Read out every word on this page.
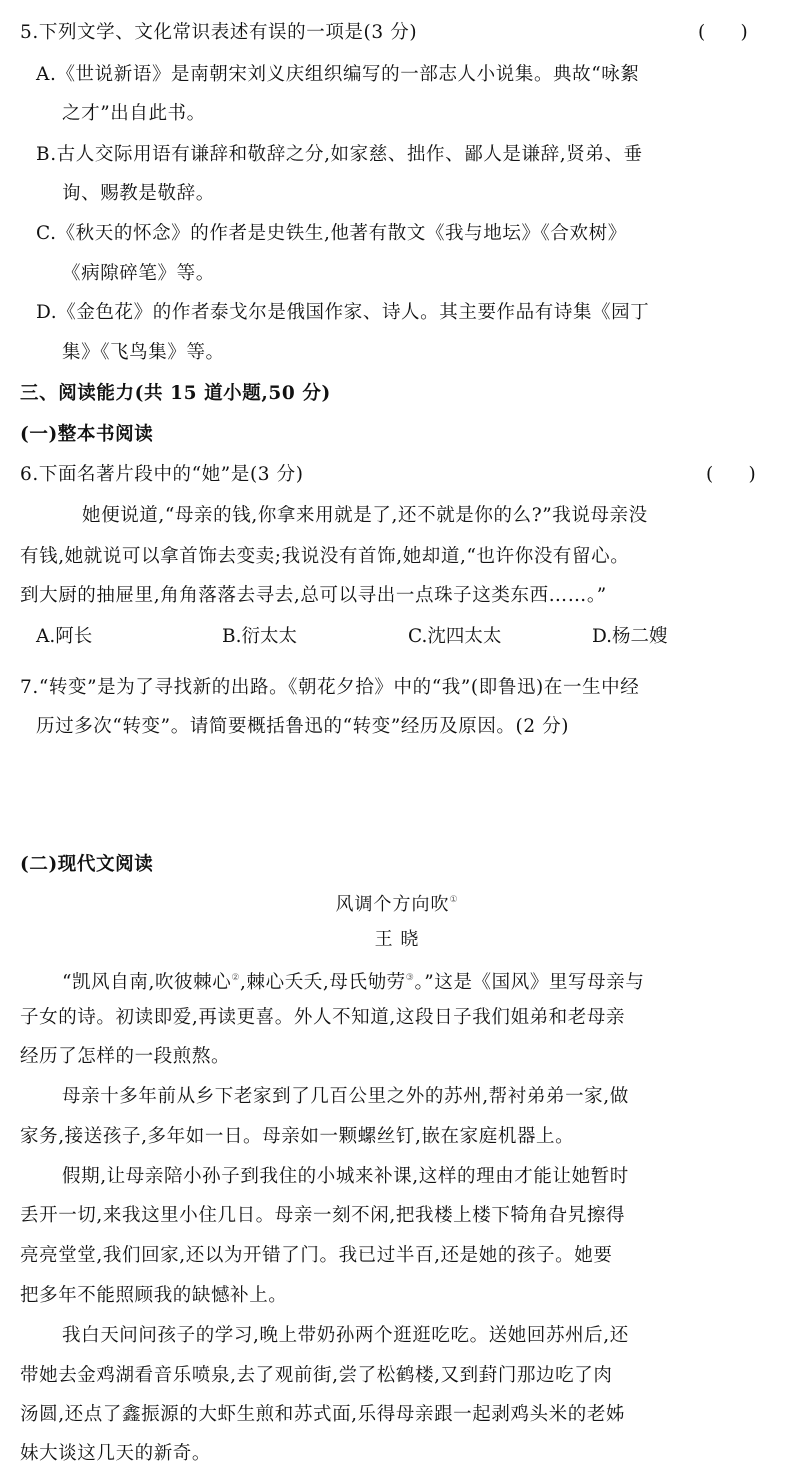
5.下列文学、文化常识表述有误的一项是(3 分)	(      )
A.《世说新语》是南朝宋刘义庆组织编写的一部志人小说集。典故“咏絮
之才”出自此书。
B.古人交际用语有谦辞和敬辞之分,如家慈、拙作、鄙人是谦辞,贤弟、垂
询、赐教是敬辞。
C.《秋天的怀念》的作者是史铁生,他著有散文《我与地坛》《合欢树》
《病隙碎笔》等。
D.《金色花》的作者泰戈尔是俄国作家、诗人。其主要作品有诗集《园丁
集》《飞鸟集》等。
三、阅读能力(共 15 道小题,50 分)
(一)整本书阅读
6.下面名著片段中的“她”是(3 分)	(      )
她便说道,“母亲的钱,你拿来用就是了,还不就是你的么?”我说母亲没
有钱,她就说可以拿首饰去变卖;我说没有首饰,她却道,“也许你没有留心。
到大厨的抽屉里,角角落落去寻去,总可以寻出一点珠子这类东西……。”
A.阿长	B.衍太太	C.沈四太太	D.杨二嫂
7.“转变”是为了寻找新的出路。《朝花夕拾》中的“我”(即鲁迅)在一生中经
历过多次“转变”。请简要概括鲁迅的“转变”经历及原因。(2 分)
(二)现代文阅读
风调个方向吹①
王 晓
“凯风自南,吹彼棘心②,棘心夭夭,母氏劬劳③。”这是《国风》里写母亲与
子女的诗。初读即爱,再读更喜。外人不知道,这段日子我们姐弟和老母亲
经历了怎样的一段煎熬。
母亲十多年前从乡下老家到了几百公里之外的苏州,帮衬弟弟一家,做
家务,接送孩子,多年如一日。母亲如一颗螺丝钉,嵌在家庭机器上。
假期,让母亲陪小孙子到我住的小城来补课,这样的理由才能让她暂时
丢开一切,来我这里小住几日。母亲一刻不闲,把我楼上楼下犄角旮旯擦得
亮亮堂堂,我们回家,还以为开错了门。我已过半百,还是她的孩子。她要
把多年不能照顾我的缺憾补上。
我白天问问孩子的学习,晚上带奶孙两个逛逛吃吃。送她回苏州后,还
带她去金鸡湖看音乐喷泉,去了观前街,尝了松鹤楼,又到葑门那边吃了肉
汤圆,还点了鑫振源的大虾生煎和苏式面,乐得母亲跟一起剥鸡头米的老姊
妹大谈这几天的新奇。
